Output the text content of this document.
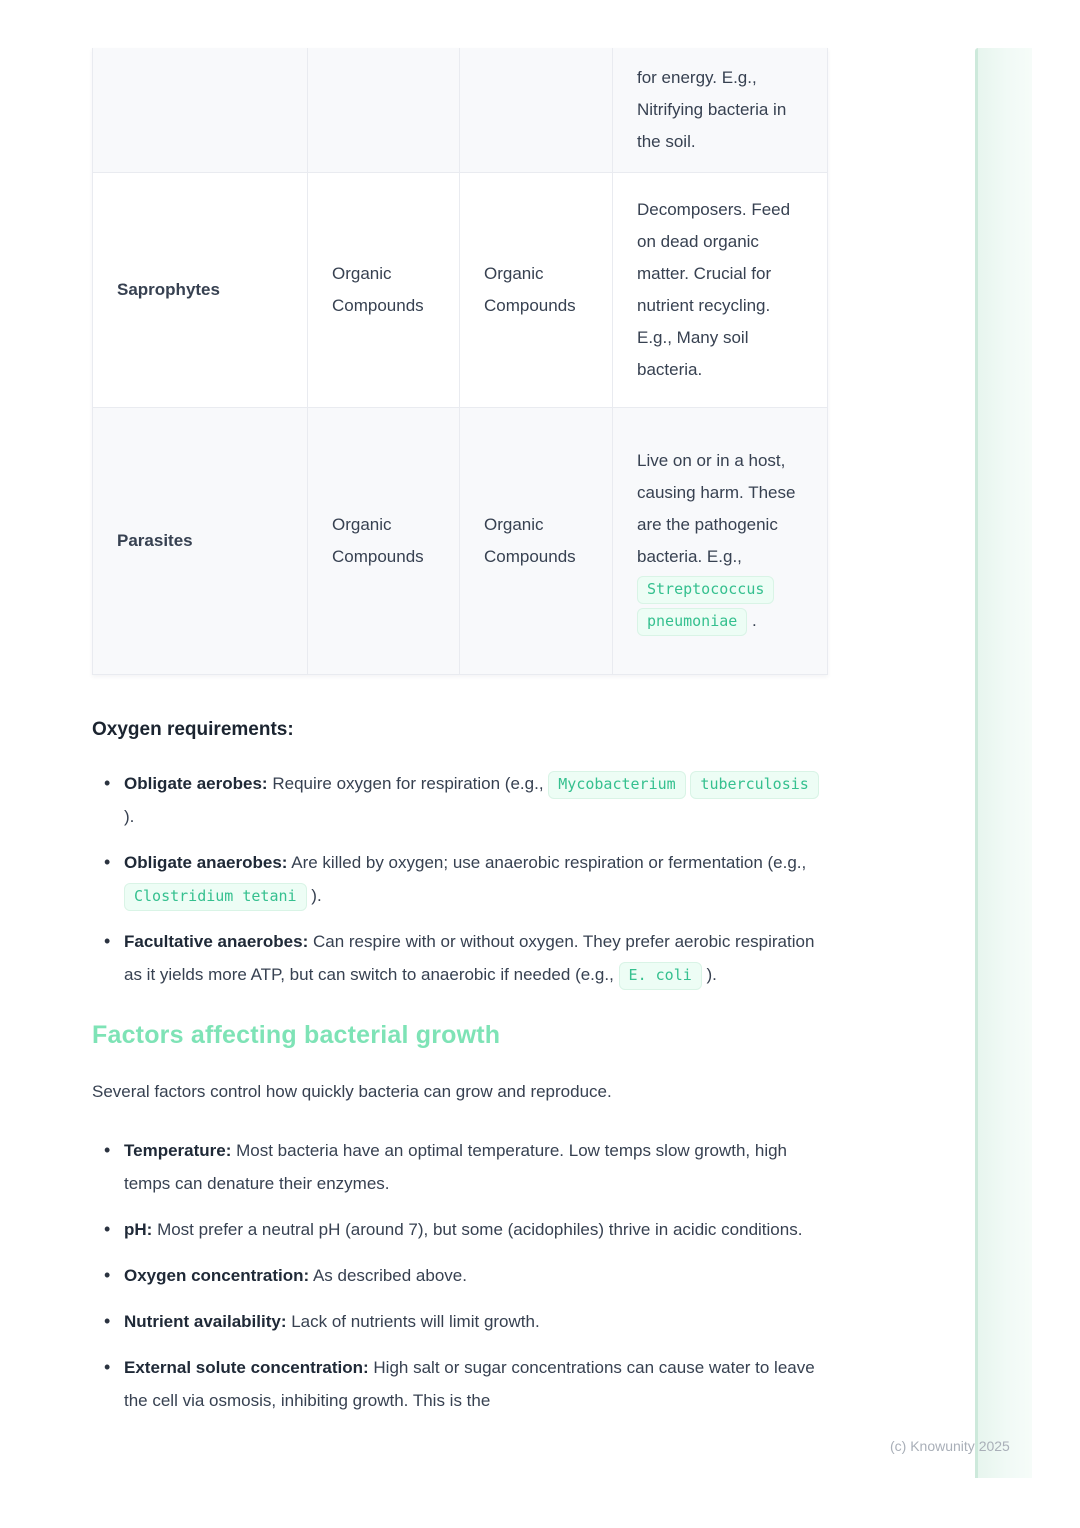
			for energy. E.g., Nitrifying bacteria in the soil.
Saprophytes	Organic Compounds	Organic Compounds	Decomposers. Feed on dead organic matter. Crucial for nutrient recycling. E.g., Many soil bacteria.
Parasites	Organic Compounds	Organic Compounds	Live on or in a host, causing harm. These are the pathogenic bacteria. E.g., Streptococcus pneumoniae .
Oxygen requirements:
• Obligate aerobes: Require oxygen for respiration (e.g., Mycobacterium tuberculosis ).
• Obligate anaerobes: Are killed by oxygen; use anaerobic respiration or fermentation (e.g., Clostridium tetani ).
• Facultative anaerobes: Can respire with or without oxygen. They prefer aerobic respiration as it yields more ATP, but can switch to anaerobic if needed (e.g., E. coli ).
Factors affecting bacterial growth

Several factors control how quickly bacteria can grow and reproduce.

• Temperature: Most bacteria have an optimal temperature. Low temps slow growth, high temps can denature their enzymes.
• pH: Most prefer a neutral pH (around 7), but some (acidophiles) thrive in acidic conditions.
• Oxygen concentration: As described above.
• Nutrient availability: Lack of nutrients will limit growth.
• External solute concentration: High salt or sugar concentrations can cause water to leave the cell via osmosis, inhibiting growth. This is the
(c) Knowunity 2025
